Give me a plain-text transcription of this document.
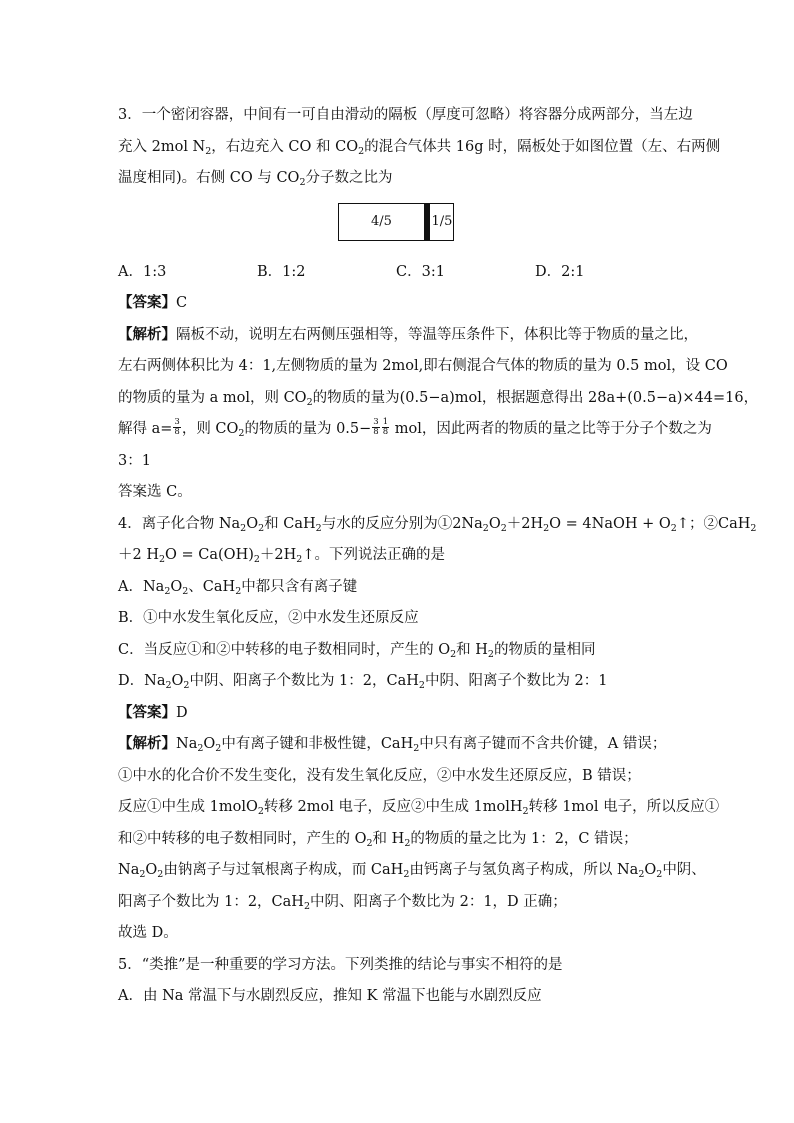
3．一个密闭容器，中间有一可自由滑动的隔板（厚度可忽略）将容器分成两部分，当左边
充入 2mol $N_2$，右边充入 CO 和 $CO_2$的混合气体共 16g 时，隔板处于如图位置（左、右两侧
温度相同)。右侧 CO 与 $CO_2$分子数之比为
4/5	1/5
A．1:3	B．1:2	C．3:1	D．2:1
【答案】C
【解析】隔板不动，说明左右两侧压强相等，等温等压条件下，体积比等于物质的量之比，
左右两侧体积比为 4：1,左侧物质的量为 2mol,即右侧混合气体的物质的量为 0.5 mol，设 CO
的物质的量为 a mol，则 $CO_2$的物质的量为(0.5−a)mol，根据题意得出 28a+(0.5−a)×44=16，
解得 $a= \frac{3}{8}$ ，则 $CO_2$的物质的量为 $0.5- \frac{3}{8} \frac{1}{8}$ mol，因此两者的物质的量之比等于分子个数之为
3：1
答案选 C。
4．离子化合物 $Na_2O_2$和 CaH$_2$与水的反应分别为$①2Na_2O_2+2H_2O$ = 4NaOH + $O_2↑$；②CaH$_2$
＋2 $H_2O$ = $Ca(OH)_2+2H_2↑$。下列说法正确的是
A．$Na_2O_2$、CaH$_2$中都只含有离子键
B．①中水发生氧化反应，②中水发生还原反应
C．当反应①和②中转移的电子数相同时，产生的 $O_2$和 $H_2$的物质的量相同
D．$Na_2O_2$中阴、阳离子个数比为 1：2，CaH$_2$中阴、阳离子个数比为 2：1
【答案】D
【解析】$Na_2O_2$中有离子键和非极性键，CaH$_2$中只有离子键而不含共价键，A 错误；
①中水的化合价不发生变化，没有发生氧化反应，②中水发生还原反应，B 错误；
反应①中生成 1molO$_2$转移 2mol 电子，反应②中生成 1molH$_2$转移 1mol 电子，所以反应①
和②中转移的电子数相同时，产生的 $O_2$和 $H_2$的物质的量之比为 1：2，C 错误；
$Na_2O_2$由钠离子与过氧根离子构成，而 CaH$_2$由钙离子与氢负离子构成，所以 $Na_2O_2$中阴、
阳离子个数比为 1：2，CaH$_2$中阴、阳离子个数比为 2：1，D 正确；
故选 D。
5．“类推”是一种重要的学习方法。下列类推的结论与事实不相符的是
A．由 Na 常温下与水剧烈反应，推知 K 常温下也能与水剧烈反应
